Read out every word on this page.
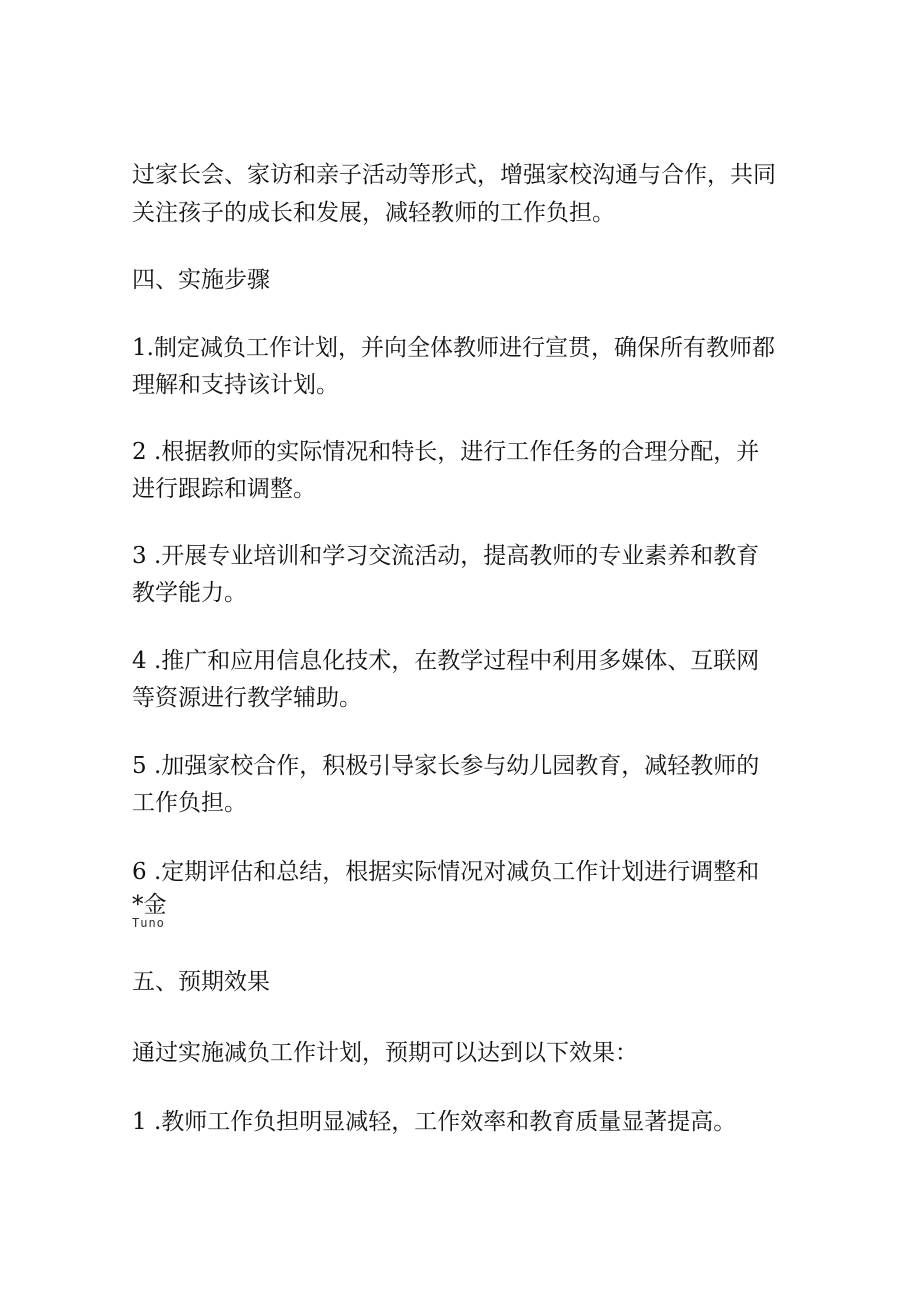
过家长会、家访和亲子活动等形式，增强家校沟通与合作，共同

关注孩子的成长和发展，减轻教师的工作负担。

四、实施步骤

1.制定减负工作计划，并向全体教师进行宣贯，确保所有教师都

理解和支持该计划。

2 .根据教师的实际情况和特长，进行工作任务的合理分配，并

进行跟踪和调整。

3 .开展专业培训和学习交流活动，提高教师的专业素养和教育

教学能力。

4 .推广和应用信息化技术，在教学过程中利用多媒体、互联网

等资源进行教学辅助。

5 .加强家校合作，积极引导家长参与幼儿园教育，减轻教师的

工作负担。

6 .定期评估和总结，根据实际情况对减负工作计划进行调整和

*金

Tuno

五、预期效果

通过实施减负工作计划，预期可以达到以下效果：

1 .教师工作负担明显减轻，工作效率和教育质量显著提高。
